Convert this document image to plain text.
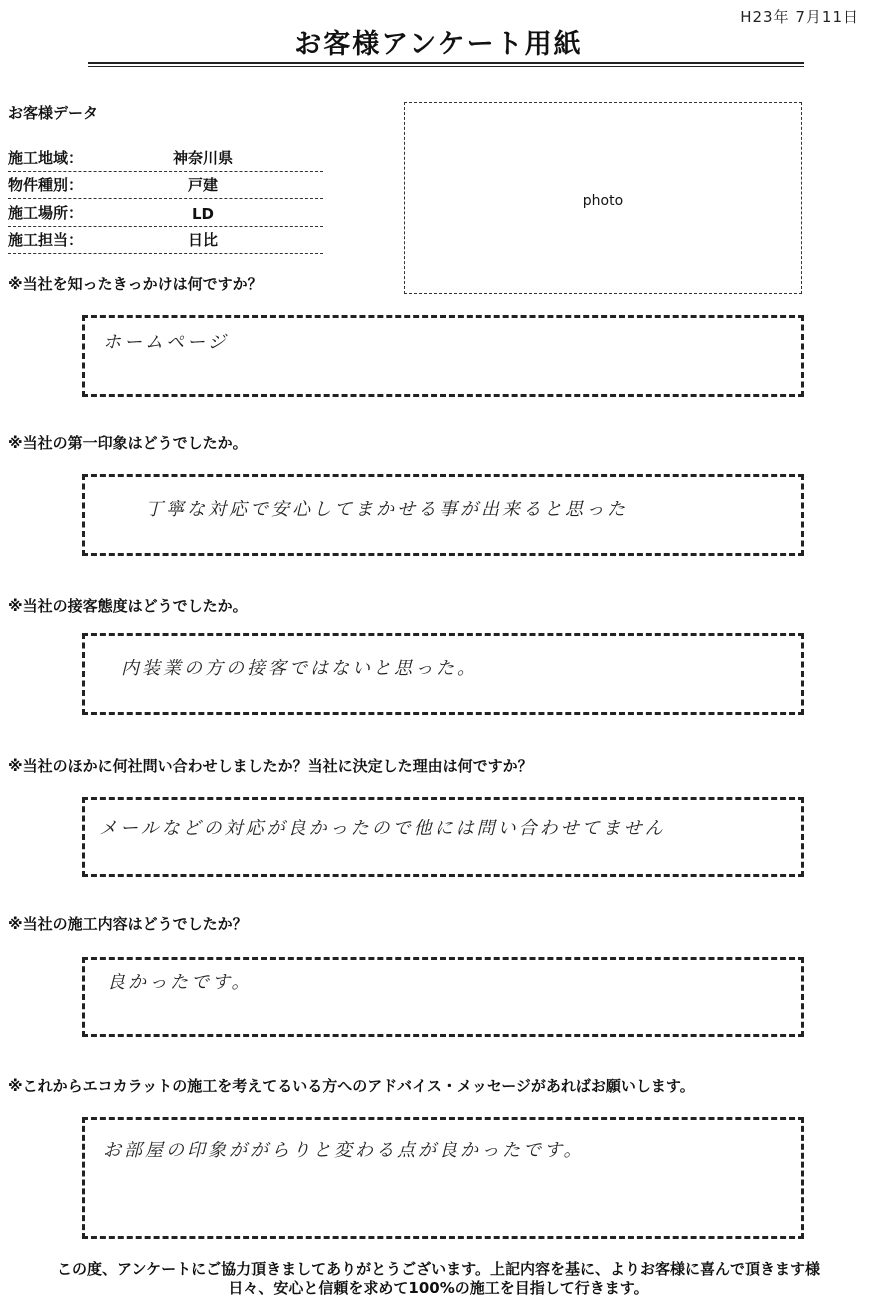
H23年 7月11日
お客様アンケート用紙
お客様データ
施工地域：	神奈川県
物件種別：	戸建
施工場所：	LD
施工担当：	日比
photo
※当社を知ったきっかけは何ですか？
ホームページ
※当社の第一印象はどうでしたか。
丁寧な対応で安心してまかせる事が出来ると思った
※当社の接客態度はどうでしたか。
内装業の方の接客ではないと思った。
※当社のほかに何社問い合わせしましたか？当社に決定した理由は何ですか？
メールなどの対応が良かったので他には問い合わせてません
※当社の施工内容はどうでしたか？
良かったです。
※これからエコカラットの施工を考えてるいる方へのアドバイス・メッセージがあればお願いします。
お部屋の印象ががらりと変わる点が良かったです。
この度、アンケートにご協力頂きましてありがとうございます。上記内容を基に、よりお客様に喜んで頂きます様
日々、安心と信頼を求めて100%の施工を目指して行きます。
